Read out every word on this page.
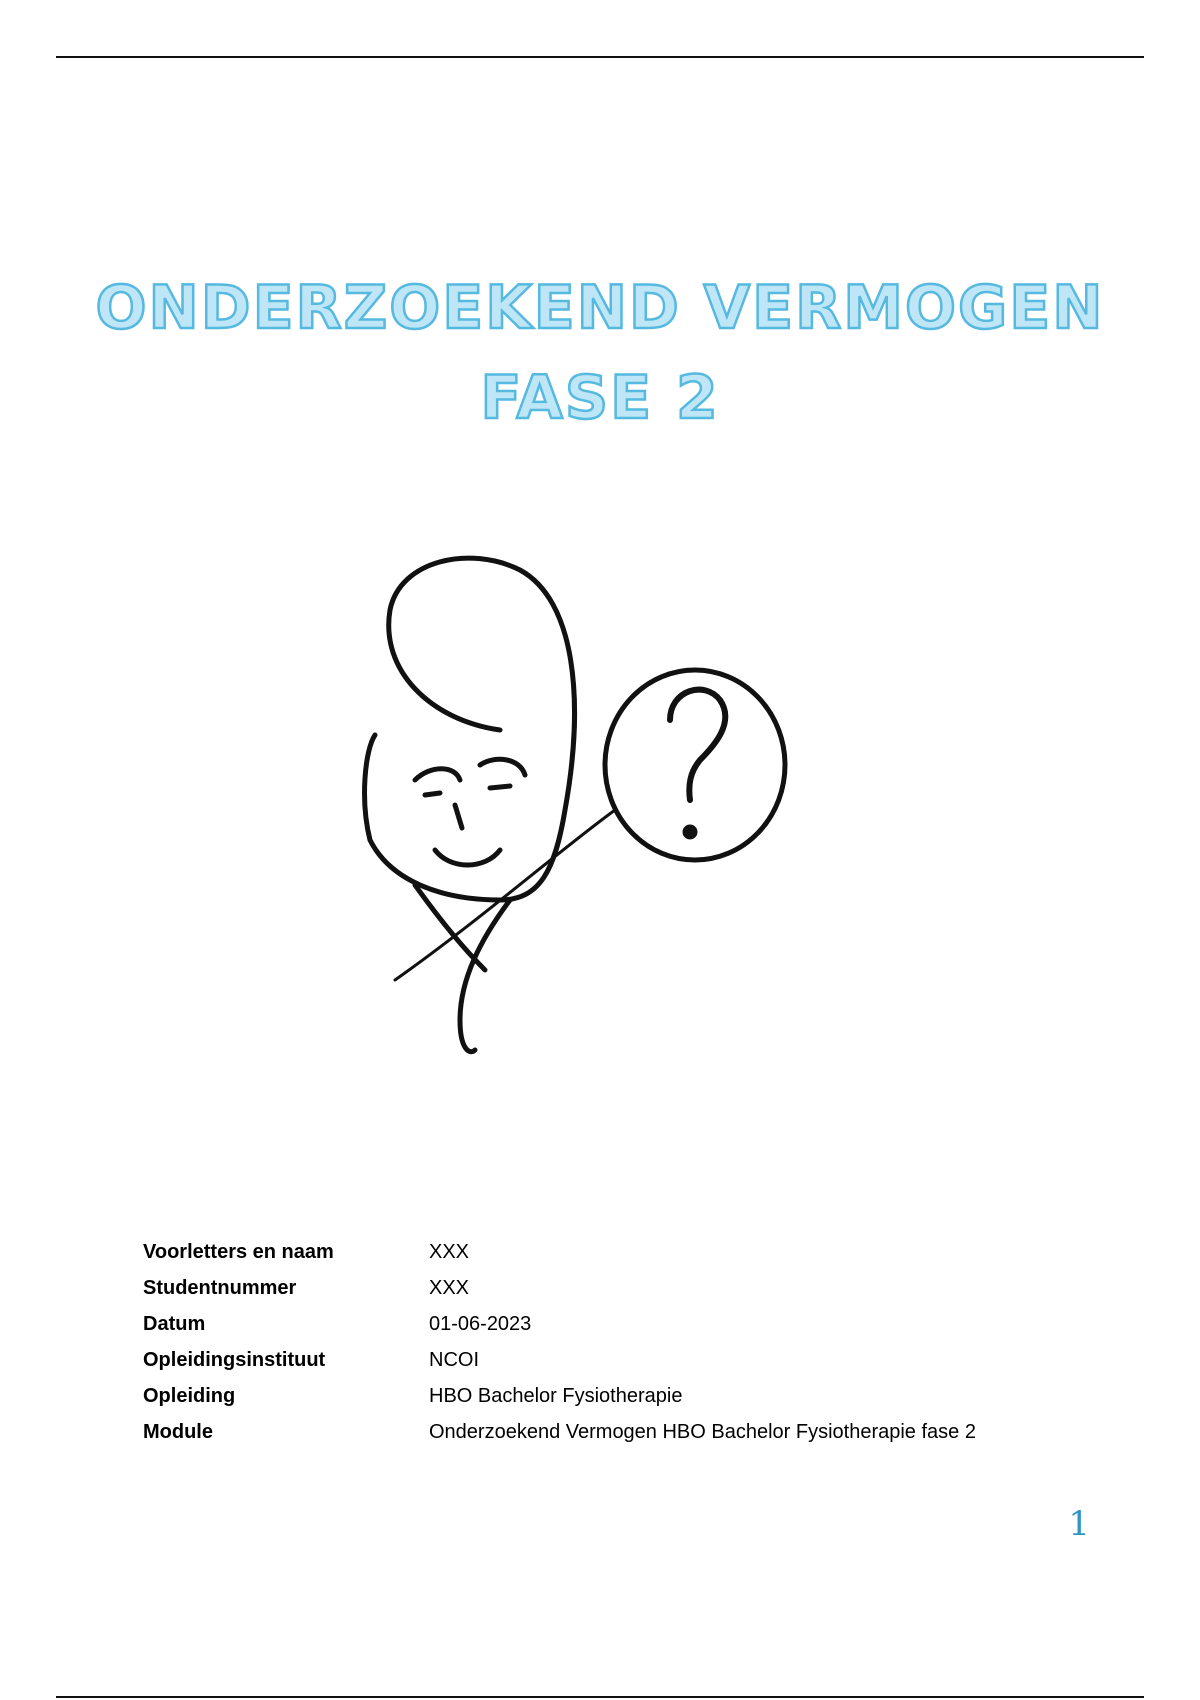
ONDERZOEKEND VERMOGEN
FASE 2
Voorletters en naam	XXX
Studentnummer	XXX
Datum	01-06-2023
Opleidingsinstituut	NCOI
Opleiding	HBO Bachelor Fysiotherapie
Module	Onderzoekend Vermogen HBO Bachelor Fysiotherapie fase 2
1
